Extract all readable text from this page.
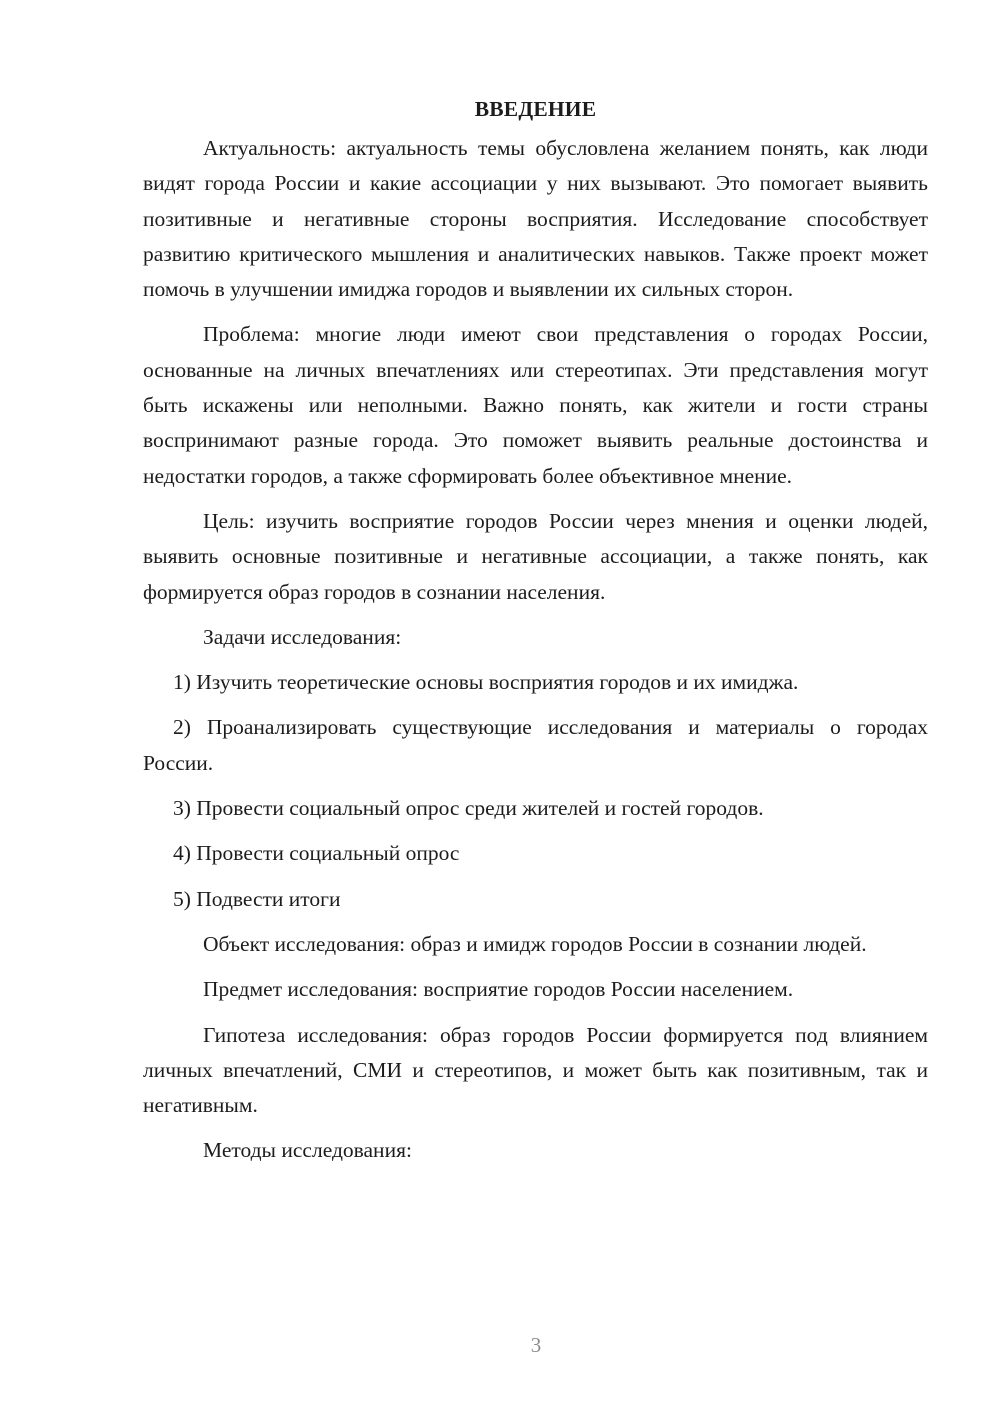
ВВЕДЕНИЕ

Актуальность: актуальность темы обусловлена желанием понять, как люди видят города России и какие ассоциации у них вызывают. Это помогает выявить позитивные и негативные стороны восприятия. Исследование способствует развитию критического мышления и аналитических навыков. Также проект может помочь в улучшении имиджа городов и выявлении их сильных сторон.

Проблема: многие люди имеют свои представления о городах России, основанные на личных впечатлениях или стереотипах. Эти представления могут быть искажены или неполными. Важно понять, как жители и гости страны воспринимают разные города. Это поможет выявить реальные достоинства и недостатки городов, а также сформировать более объективное мнение.

Цель: изучить восприятие городов России через мнения и оценки людей, выявить основные позитивные и негативные ассоциации, а также понять, как формируется образ городов в сознании населения.

Задачи исследования:

1) Изучить теоретические основы восприятия городов и их имиджа.

2) Проанализировать существующие исследования и материалы о городах России.

3) Провести социальный опрос среди жителей и гостей городов.

4) Провести социальный опрос

5) Подвести итоги

Объект исследования: образ и имидж городов России в сознании людей.

Предмет исследования: восприятие городов России населением.

Гипотеза исследования: образ городов России формируется под влиянием личных впечатлений, СМИ и стереотипов, и может быть как позитивным, так и негативным.

Методы исследования:

3
